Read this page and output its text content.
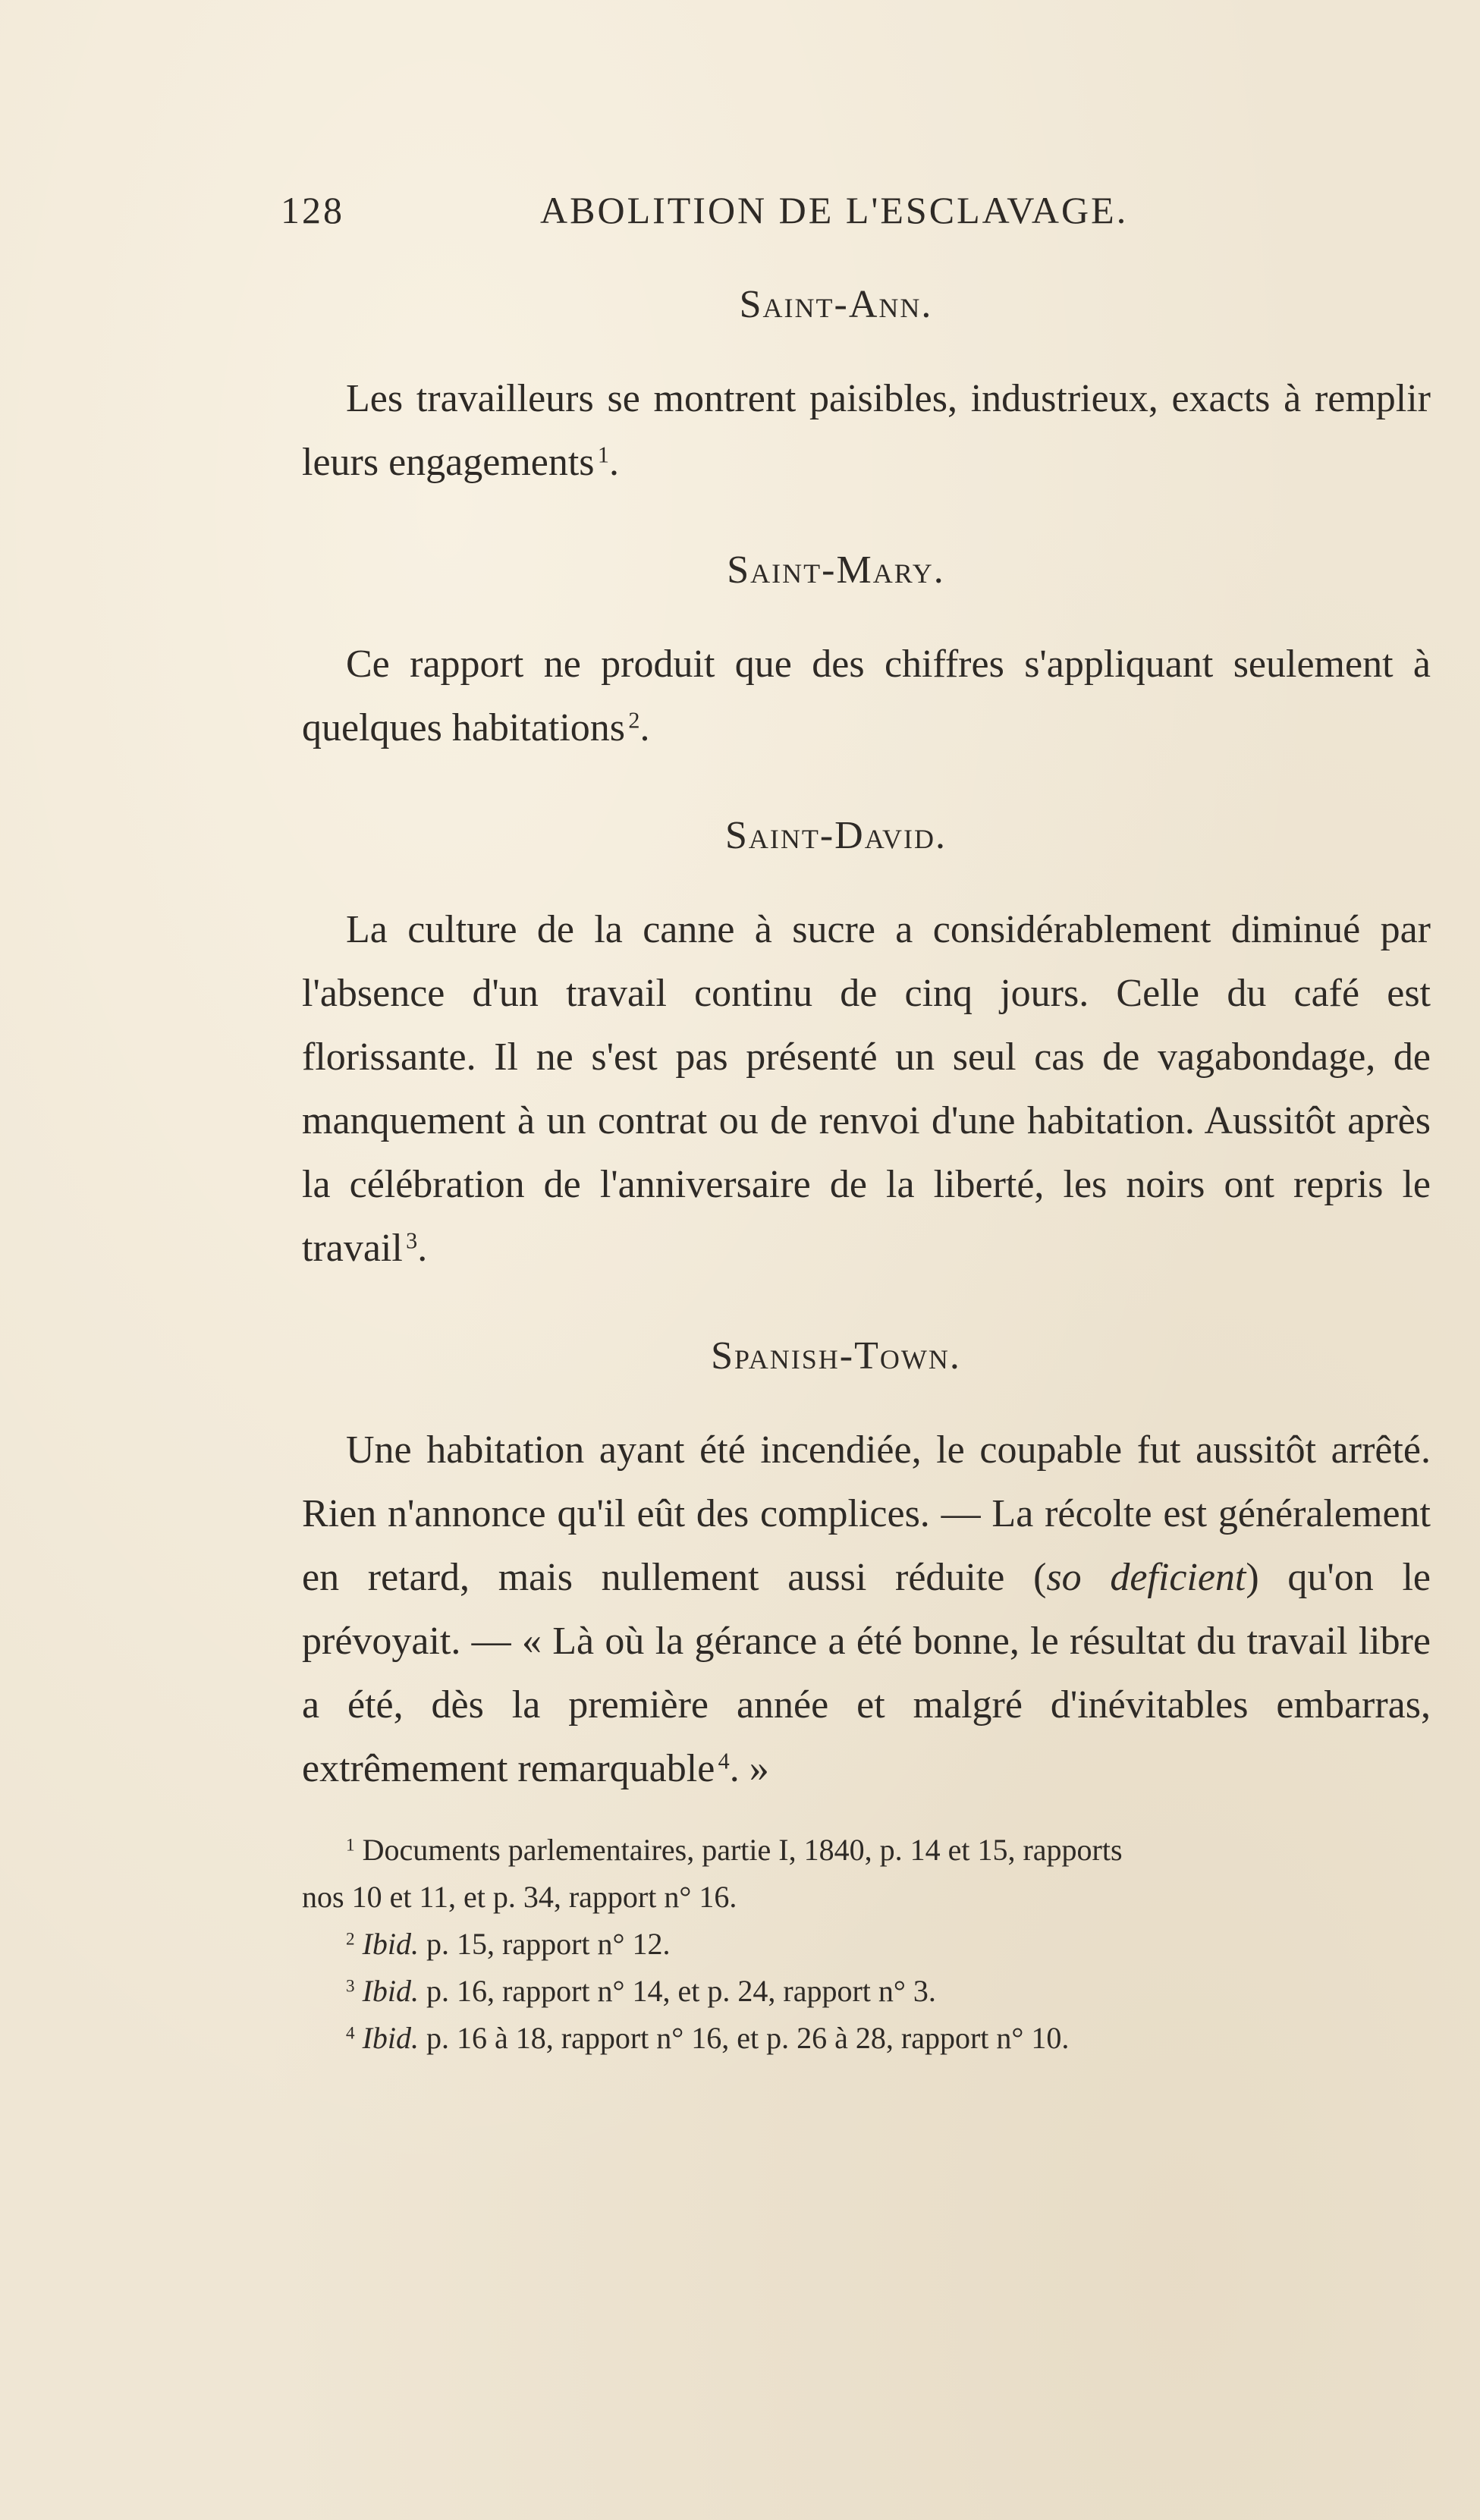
128	ABOLITION DE L'ESCLAVAGE.
Saint-Ann.

Les travailleurs se montrent paisibles, industrieux, exacts à remplir leurs engagements  $^1$.

Saint-Mary.

Ce rapport ne produit que des chiffres s'appliquant seulement à quelques habitations  $^2$.

Saint-David.

La culture de la canne à sucre a considérablement diminué par l'absence d'un travail continu de cinq jours. Celle du café est florissante. Il ne s'est pas présenté un seul cas de vagabondage, de manquement à un contrat ou de renvoi d'une habitation. Aussitôt après la célébration de l'anniversaire de la liberté, les noirs ont repris le travail  $^3$.

Spanish-Town.

Une habitation ayant été incendiée, le coupable fut aussitôt arrêté. Rien n'annonce qu'il eût des complices. — La récolte est généralement en retard, mais nullement aussi réduite (so deficient) qu'on le prévoyait. — « Là où la gérance a été bonne, le résultat du travail libre a été, dès la première année et malgré d'inévitables embarras, extrêmement remarquable  $^4$. »

$^1$ Documents parlementaires, partie I, 1840, p. 14 et 15, rapports

nos 10 et 11, et p. 34, rapport n° 16.

$^2$ Ibid. p. 15, rapport n° 12.

$^3$ Ibid. p. 16, rapport n° 14, et p. 24, rapport n° 3.

$^4$ Ibid. p. 16 à 18, rapport n° 16, et p. 26 à 28, rapport n° 10.
